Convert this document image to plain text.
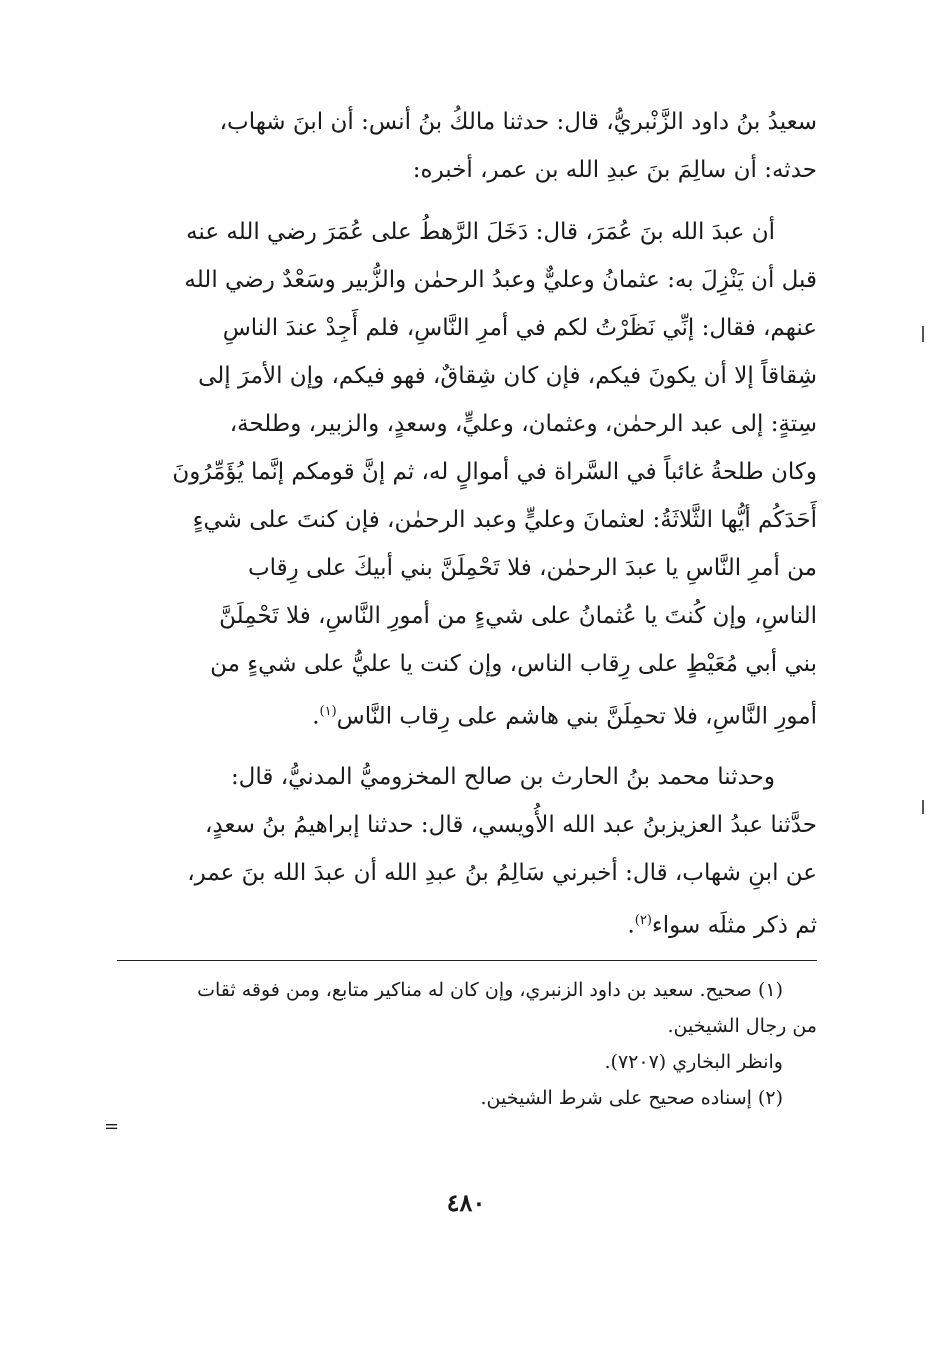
سعيدُ بنُ داود الزَّنْبريُّ، قال: حدثنا مالكُ بنُ أنس: أن ابنَ شهاب،
حدثه: أن سالِمَ بنَ عبدِ الله بن عمر، أخبره:
أن عبدَ الله بنَ عُمَرَ، قال: دَخَلَ الرَّهطُ على عُمَرَ رضي الله عنه
قبل أن يَنْزِلَ به: عثمانُ وعليٌّ وعبدُ الرحمٰن والزُّبير وسَعْدٌ رضي الله
عنهم، فقال: إنِّي نَظَرْتُ لكم في أمرِ النَّاسِ، فلم أَجِدْ عندَ الناسِ
شِقاقاً إلا أن يكونَ فيكم، فإن كان شِقاقٌ، فهو فيكم، وإن الأمرَ إلى
سِتةٍ: إلى عبد الرحمٰن، وعثمان، وعليٍّ، وسعدٍ، والزبير، وطلحة،
وكان طلحةُ غائباً في السَّراة في أموالٍ له، ثم إنَّ قومكم إنَّما يُؤَمِّرُونَ
أَحَدَكُم أيُّها الثَّلاثَةُ: لعثمانَ وعليٍّ وعبد الرحمٰن، فإن كنتَ على شيءٍ
من أمرِ النَّاسِ يا عبدَ الرحمٰن، فلا تَحْمِلَنَّ بني أبيكَ على رِقاب
الناسِ، وإن كُنتَ يا عُثمانُ على شيءٍ من أمورِ النَّاسِ، فلا تَحْمِلَنَّ
بني أبي مُعَيْطٍ على رِقاب الناس، وإن كنت يا عليُّ على شيءٍ من
أمورِ النَّاسِ، فلا تحمِلَنَّ بني هاشم على رِقاب النَّاس$^{(١)}$.
وحدثنا محمد بنُ الحارث بن صالح المخزوميُّ المدنيُّ، قال:
حدَّثنا عبدُ العزيزبنُ عبد الله الأُويسي، قال: حدثنا إبراهيمُ بنُ سعدٍ،
عن ابنِ شهاب، قال: أخبرني سَالِمُ بنُ عبدِ الله أن عبدَ الله بنَ عمر،
ثم ذكر مثلَه سواء$^{(٢)}$.
(١) صحيح. سعيد بن داود الزنبري، وإن كان له مناكير متابع، ومن فوقه ثقات
من رجال الشيخين.
وانظر البخاري (٧٢٠٧).
(٢) إسناده صحيح على شرط الشيخين.
=
٤٨٠
